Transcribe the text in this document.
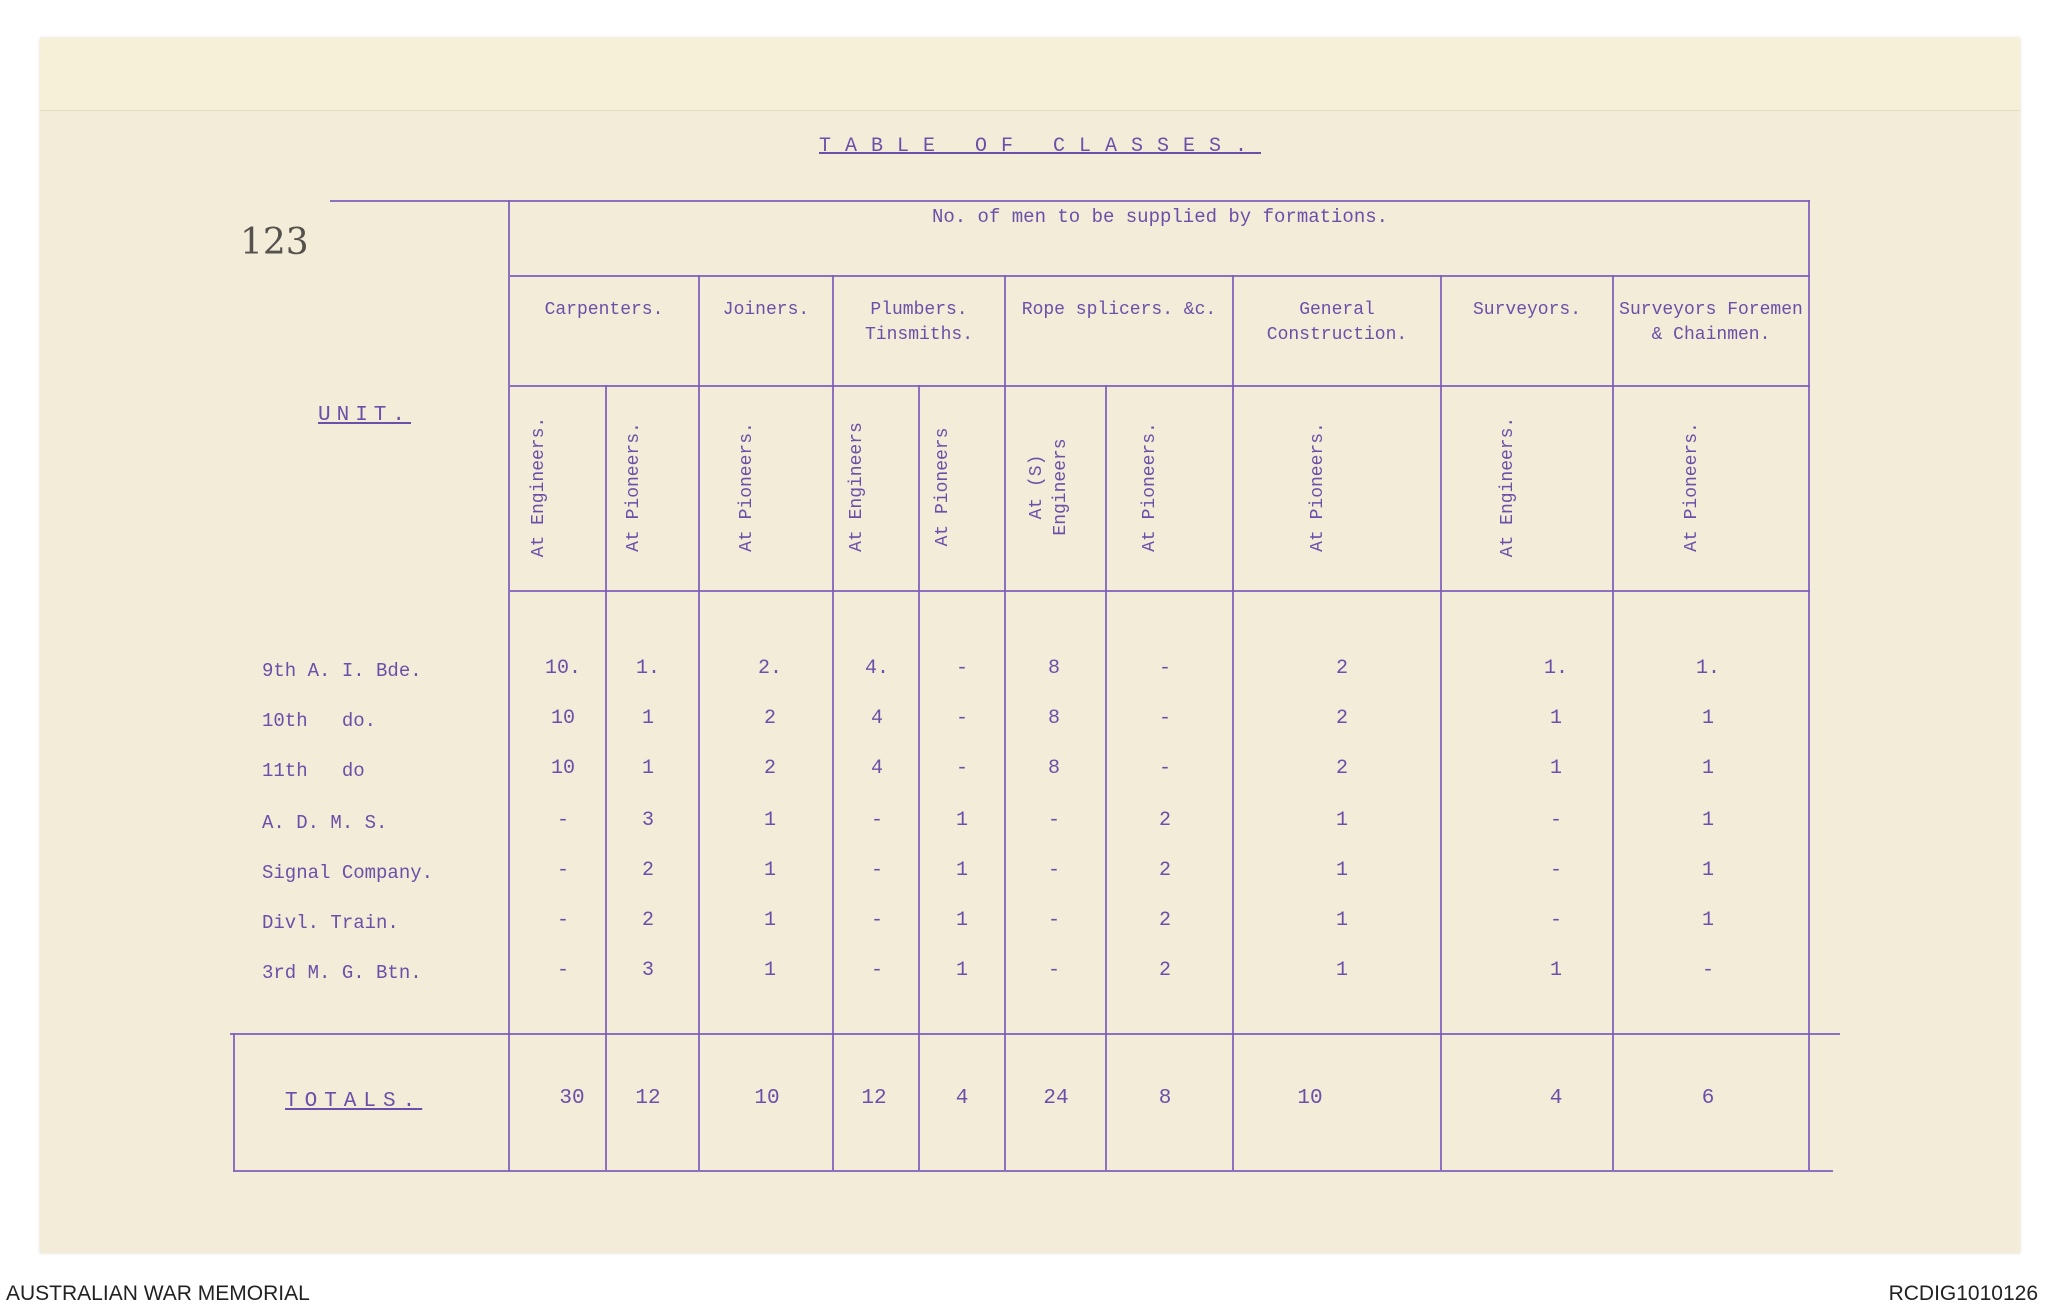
TABLE OF CLASSES.
123
No. of men to be supplied by formations.
Carpenters.	Joiners.	Plumbers. Tinsmiths.
Rope splicers. &c.	General Construction.
Surveyors.	Surveyors Foremen & Chainmen.
At Engineers.	At Pioneers.	At Pioneers.	At Engineers	At Pioneers	At (S) Engineers	At Pioneers.	At Pioneers.	At Engineers.	At Pioneers.
UNIT.
9th A. I. Bde.	10.	1.	2.	4.	-	8	-	2	1.	1.
10th   do.	10	1	2	4	-	8	-	2	1	1
11th   do	10	1	2	4	-	8	-	2	1	1
A. D. M. S.	-	3	1	-	1	-	2	1	-	1
Signal Company.	-	2	1	-	1	-	2	1	-	1
Divl. Train.	-	2	1	-	1	-	2	1	-	1
3rd M. G. Btn.	-	3	1	-	1	-	2	1	1	-
TOTALS.	30	12	10	12	4	24	8	10	4	6
AUSTRALIAN WAR MEMORIAL	RCDIG1010126
